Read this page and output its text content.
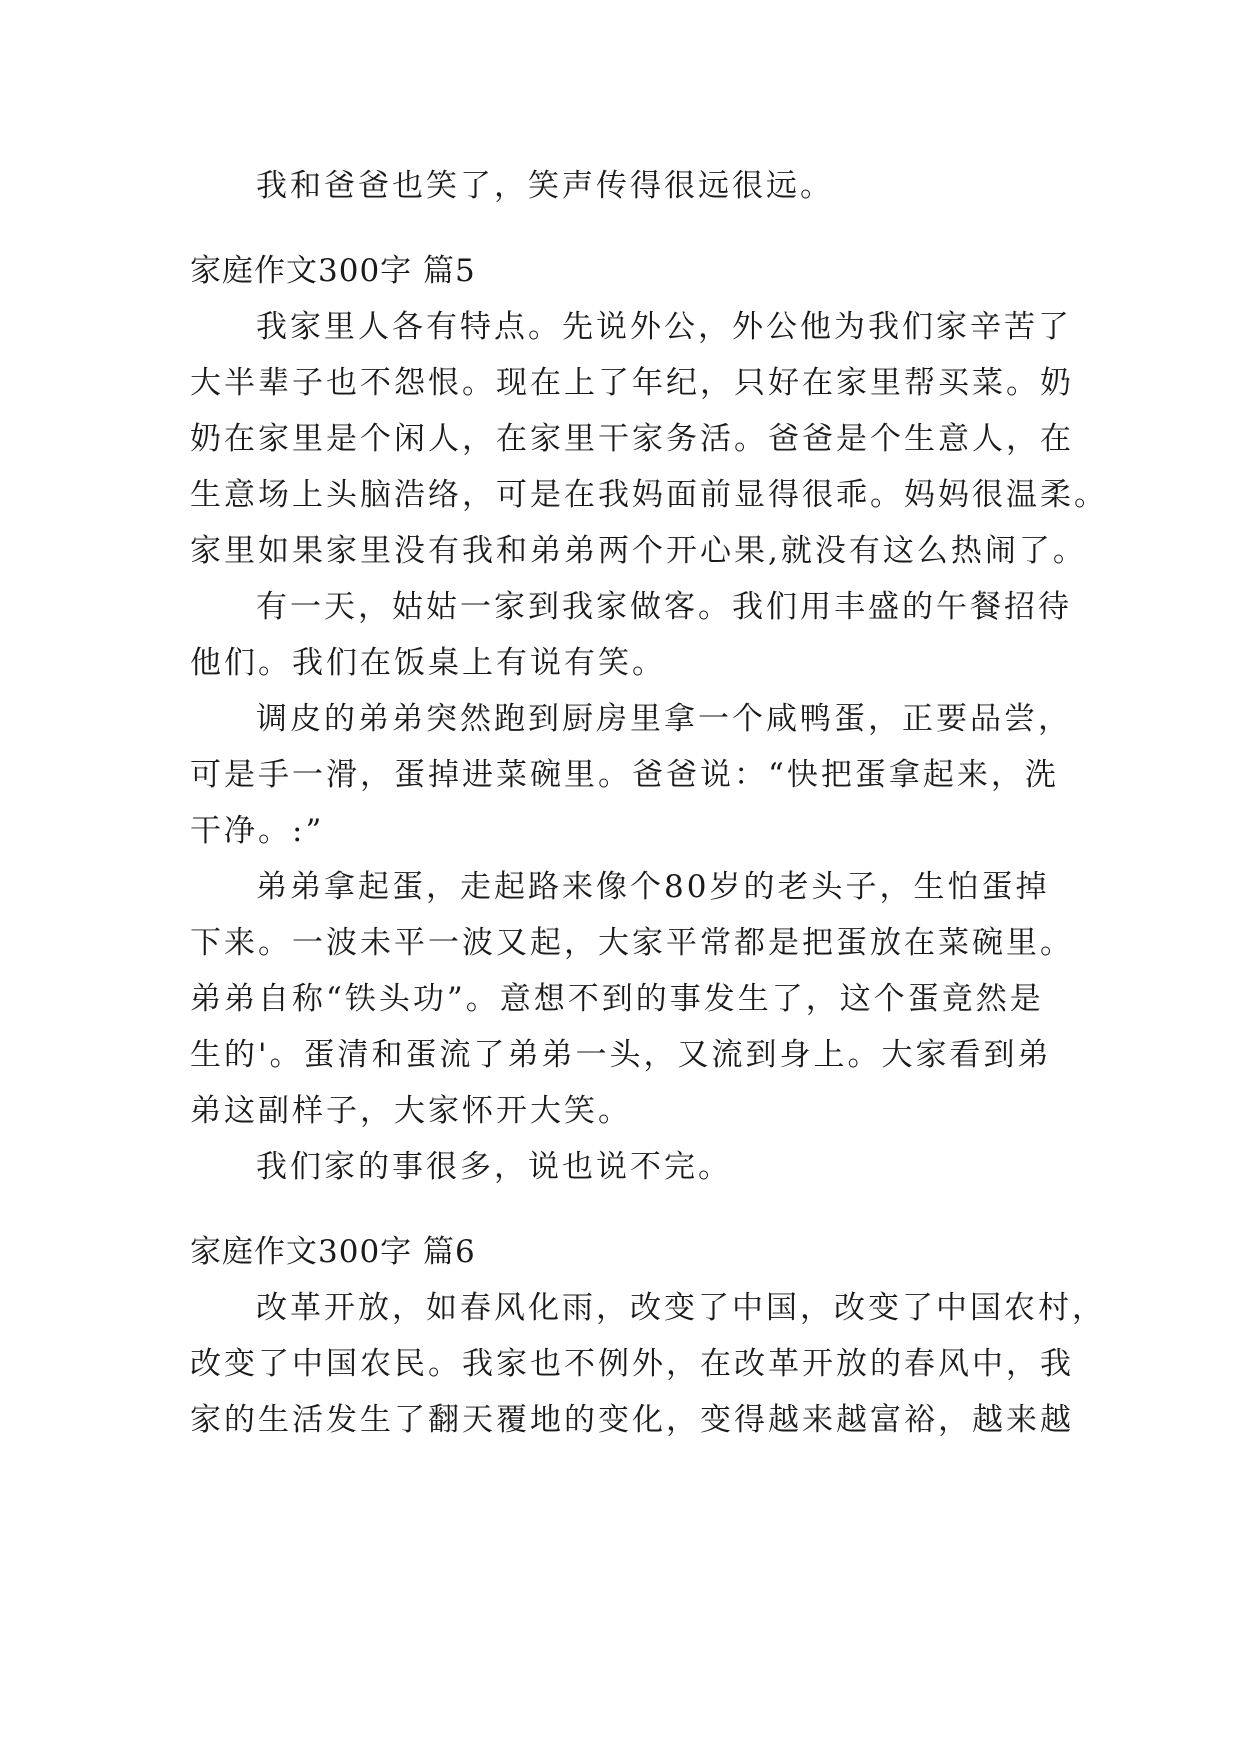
我和爸爸也笑了，笑声传得很远很远。
家庭作文300字 篇5
我家里人各有特点。先说外公，外公他为我们家辛苦了
大半辈子也不怨恨。现在上了年纪，只好在家里帮买菜。奶
奶在家里是个闲人，在家里干家务活。爸爸是个生意人，在
生意场上头脑浩络，可是在我妈面前显得很乖。妈妈很温柔。
家里如果家里没有我和弟弟两个开心果,就没有这么热闹了。
有一天，姑姑一家到我家做客。我们用丰盛的午餐招待
他们。我们在饭桌上有说有笑。
调皮的弟弟突然跑到厨房里拿一个咸鸭蛋，正要品尝，
可是手一滑，蛋掉进菜碗里。爸爸说：“快把蛋拿起来，洗
干净。:”
弟弟拿起蛋，走起路来像个80岁的老头子，生怕蛋掉
下来。一波未平一波又起，大家平常都是把蛋放在菜碗里。
弟弟自称“铁头功”。意想不到的事发生了，这个蛋竟然是
生的'。蛋清和蛋流了弟弟一头，又流到身上。大家看到弟
弟这副样子，大家怀开大笑。
我们家的事很多，说也说不完。
家庭作文300字 篇6
改革开放，如春风化雨，改变了中国，改变了中国农村，
改变了中国农民。我家也不例外，在改革开放的春风中，我
家的生活发生了翻天覆地的变化，变得越来越富裕，越来越
